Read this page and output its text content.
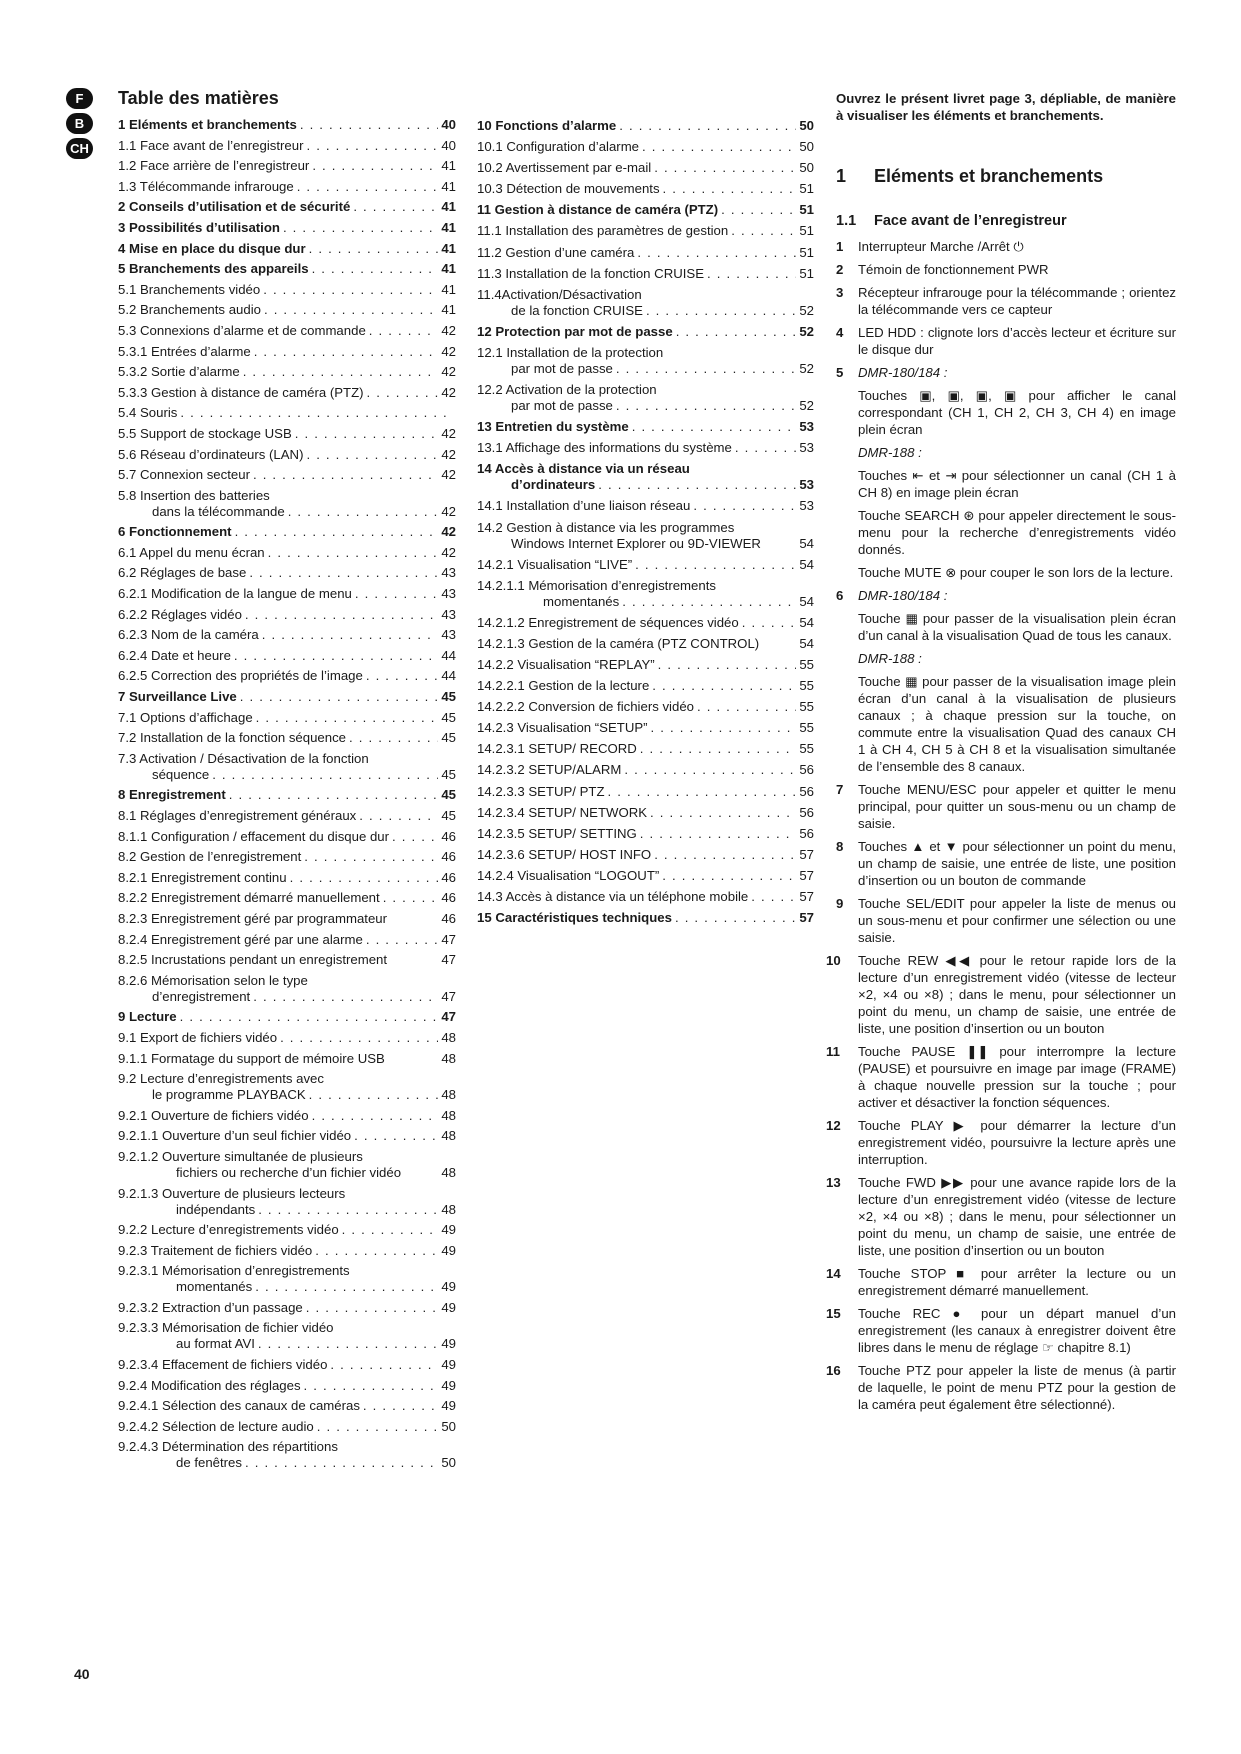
F
B
CH
Table des matières
1 Eléments et branchements . . .	40
1.1 Face avant de l’enregistreur . . .	40
1.2 Face arrière de l’enregistreur . . .	41
1.3 Télécommande infrarouge . . .	41
2 Conseils d’utilisation et de sécurité . . .	41
3 Possibilités d’utilisation . . .	41
4 Mise en place du disque dur . . .	41
5 Branchements des appareils . . .	41
5.1 Branchements vidéo . . .	41
5.2 Branchements audio . . .	41
5.3 Connexions d’alarme et de commande . . .	42
5.3.1 Entrées d’alarme . . .	42
5.3.2 Sortie d’alarme . . .	42
5.3.3 Gestion à distance de caméra (PTZ) . . .	42
5.4 Souris
. . .
5.5 Support de stockage USB . . .	42
5.6 Réseau d’ordinateurs (LAN) . . .	42
5.7 Connexion secteur . . .	42
5.8 Insertion des batteries
dans la télécommande . . .	42
6 Fonctionnement . . .	42
6.1 Appel du menu écran . . .	42
6.2 Réglages de base . . .	43
6.2.1 Modification de la langue de menu . . .	43
6.2.2 Réglages vidéo . . .	43
6.2.3 Nom de la caméra . . .	43
6.2.4 Date et heure . . .	44
6.2.5 Correction des propriétés de l’image . . .	44
7 Surveillance Live . . .	45
7.1 Options d’affichage . . .	45
7.2 Installation de la fonction séquence . . .	45
7.3 Activation / Désactivation de la fonction
séquence . . .	45
8 Enregistrement . . .	45
8.1 Réglages d’enregistrement généraux . . .	45
8.1.1 Configuration / effacement du disque dur . . .	46
8.2 Gestion de l’enregistrement . . .	46
8.2.1 Enregistrement continu . . .	46
8.2.2 Enregistrement démarré manuellement . . .	46
8.2.3 Enregistrement géré par programmateur	46
8.2.4 Enregistrement géré par une alarme . . .	47
8.2.5 Incrustations pendant un enregistrement	47
8.2.6 Mémorisation selon le type
d’enregistrement . . .	47
9 Lecture . . .	47
9.1 Export de fichiers vidéo . . .	48
9.1.1 Formatage du support de mémoire USB	48
9.2 Lecture d’enregistrements avec
le programme PLAYBACK . . .	48
9.2.1 Ouverture de fichiers vidéo . . .	48
9.2.1.1 Ouverture d’un seul fichier vidéo . . .	48
9.2.1.2 Ouverture simultanée de plusieurs
fichiers ou recherche d’un fichier vidéo	48
9.2.1.3 Ouverture de plusieurs lecteurs
indépendants . . .	48
9.2.2 Lecture d’enregistrements vidéo . . .	49
9.2.3 Traitement de fichiers vidéo . . .	49
9.2.3.1 Mémorisation d’enregistrements
momentanés . . .	49
9.2.3.2 Extraction d’un passage . . .	49
9.2.3.3 Mémorisation de fichier vidéo
au format AVI . . .	49
9.2.3.4 Effacement de fichiers vidéo . . .	49
9.2.4 Modification des réglages . . .	49
9.2.4.1 Sélection des canaux de caméras . . .	49
9.2.4.2 Sélection de lecture audio . . .	50
9.2.4.3 Détermination des répartitions
de fenêtres . . .	50
10 Fonctions d’alarme . . .	50
10.1 Configuration d’alarme . . .	50
10.2 Avertissement par e-mail . . .	50
10.3 Détection de mouvements . . .	51
11 Gestion à distance de caméra (PTZ) . . .	51
11.1 Installation des paramètres de gestion . . .	51
11.2 Gestion d’une caméra . . .	51
11.3 Installation de la fonction CRUISE . . .	51
11.4Activation/Désactivation
de la fonction CRUISE . . .	52
12 Protection par mot de passe . . .	52
12.1 Installation de la protection
par mot de passe . . .	52
12.2 Activation de la protection
par mot de passe . . .	52
13 Entretien du système . . .	53
13.1 Affichage des informations du système . . .	53
14 Accès à distance via un réseau
d’ordinateurs . . .	53
14.1 Installation d’une liaison réseau . . .	53
14.2 Gestion à distance via les programmes
Windows Internet Explorer ou 9D-VIEWER	54
14.2.1 Visualisation “LIVE” . . .	54
14.2.1.1 Mémorisation d’enregistrements
momentanés . . .	54
14.2.1.2 Enregistrement de séquences vidéo . . .	54
14.2.1.3 Gestion de la caméra (PTZ CONTROL)	54
14.2.2 Visualisation “REPLAY” . . .	55
14.2.2.1 Gestion de la lecture . . .	55
14.2.2.2 Conversion de fichiers vidéo . . .	55
14.2.3 Visualisation “SETUP” . . .	55
14.2.3.1 SETUP/ RECORD . . .	55
14.2.3.2 SETUP/ALARM . . .	56
14.2.3.3 SETUP/ PTZ . . .	56
14.2.3.4 SETUP/ NETWORK . . .	56
14.2.3.5 SETUP/ SETTING . . .	56
14.2.3.6 SETUP/ HOST INFO . . .	57
14.2.4 Visualisation “LOGOUT” . . .	57
14.3 Accès à distance via un téléphone mobile . . .	57
15 Caractéristiques techniques . . .	57
Ouvrez le présent livret page 3, dépliable, de manière à visualiser les éléments et branchements.
1	Eléments et branchements
1.1	Face avant de l’enregistreur
1	Interrupteur Marche /Arrêt ⏻

2	Témoin de fonctionnement PWR

3	Récepteur infrarouge pour la télécommande ; orientez la télécommande vers ce capteur

4	LED HDD : clignote lors d’accès lecteur et écriture sur le disque dur

5	DMR-180/184 :

Touches ▣, ▣, ▣, ▣ pour afficher le canal correspondant (CH 1, CH 2, CH 3, CH 4) en image plein écran

DMR-188 :

Touches ⇤ et ⇥ pour sélectionner un canal (CH 1 à CH 8) en image plein écran

Touche SEARCH ⊛ pour appeler directement le sous-menu pour la recherche d’enregistrements vidéo donnés.

Touche MUTE ⊗ pour couper le son lors de la lecture.

6	DMR-180/184 :

Touche ▦ pour passer de la visualisation plein écran d’un canal à la visualisation Quad de tous les canaux.

DMR-188 :

Touche ▦ pour passer de la visualisation image plein écran d’un canal à la visualisation de plusieurs canaux ; à chaque pression sur la touche, on commute entre la visualisation Quad des canaux CH 1 à CH 4, CH 5 à CH 8 et la visualisation simultanée de l’ensemble des 8 canaux.

7	Touche MENU/ESC pour appeler et quitter le menu principal, pour quitter un sous-menu ou un champ de saisie.

8	Touches ▲ et ▼ pour sélectionner un point du menu, un champ de saisie, une entrée de liste, une position d’insertion ou un bouton de commande

9	Touche SEL/EDIT pour appeler la liste de menus ou un sous-menu et pour confirmer une sélection ou une saisie.

10	Touche REW ◀◀ pour le retour rapide lors de la lecture d’un enregistrement vidéo (vitesse de lecteur ×2, ×4 ou ×8) ; dans le menu, pour sélectionner un point du menu, un champ de saisie, une entrée de liste, une position d’insertion ou un bouton

11	Touche PAUSE ❚❚ pour interrompre la lecture (PAUSE) et poursuivre en image par image (FRAME) à chaque nouvelle pression sur la touche ; pour activer et désactiver la fonction séquences.

12	Touche PLAY ▶ pour démarrer la lecture d’un enregistrement vidéo, poursuivre la lecture après une interruption.

13	Touche FWD ▶▶ pour une avance rapide lors de la lecture d’un enregistrement vidéo (vitesse de lecture ×2, ×4 ou ×8) ; dans le menu, pour sélectionner un point du menu, un champ de saisie, une entrée de liste, une position d’insertion ou un bouton

14	Touche STOP ■ pour arrêter la lecture ou un enregistrement démarré manuellement.

15	Touche REC ● pour un départ manuel d’un enregistrement (les canaux à enregistrer doivent être libres dans le menu de réglage ☞ chapitre 8.1)

16	Touche PTZ pour appeler la liste de menus (à partir de laquelle, le point de menu PTZ pour la gestion de la caméra peut également être sélectionné).

40
